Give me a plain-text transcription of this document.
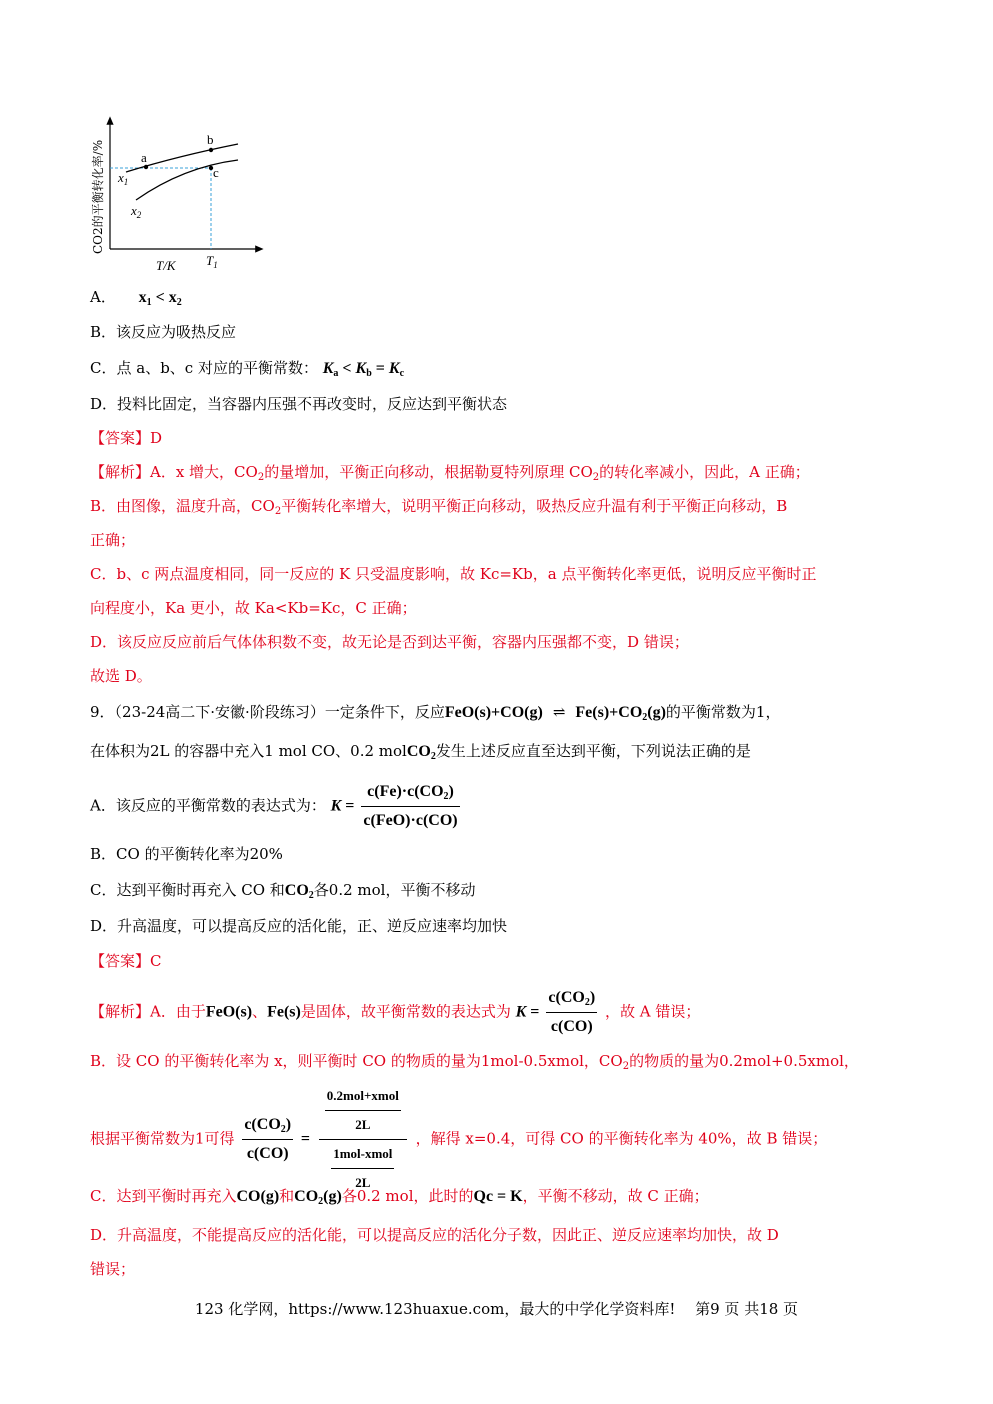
a
b
c
$x_1$
$x_2$
T/K $T_1$
CO2的平衡转化率/%
A． $x_1 < x_2$
B．该反应为吸热反应
C．点 a、b、c 对应的平衡常数： $K_a < K_b = K_c$
D．投料比固定，当容器内压强不再改变时，反应达到平衡状态
【答案】D
【解析】A．x 增大，$CO_2$的量增加，平衡正向移动，根据勒夏特列原理 $CO_2$的转化率减小，因此，A 正确；
B．由图像，温度升高，$CO_2$平衡转化率增大，说明平衡正向移动，吸热反应升温有利于平衡正向移动，B
正确；
C．b、c 两点温度相同，同一反应的 K 只受温度影响，故 Kc=Kb，a 点平衡转化率更低，说明反应平衡时正
向程度小，Ka 更小，故 Ka<Kb=Kc，C 正确；
D．该反应反应前后气体体积数不变，故无论是否到达平衡，容器内压强都不变，D 错误；
故选 D。
9．（23-24高二下·安徽·阶段练习）一定条件下，反应FeO(s)+CO(g) ⇌ $Fe(s)+CO_2(g)$的平衡常数为1，
在体积为2L 的容器中充入1 mol CO、0.2 molCO$_2$发生上述反应直至达到平衡，下列说法正确的是
A．该反应的平衡常数的表达式为： $K = \frac{c(Fe)\cdot c(CO_2)}{\text{c(FeO)·c(CO)}}$
B．CO 的平衡转化率为20%
C．达到平衡时再充入 CO 和$CO_2$各0.2 mol，平衡不移动
D．升高温度，可以提高反应的活化能，正、逆反应速率均加快
【答案】C
【解析】A．由于FeO(s)、Fe(s)是固体，故平衡常数的表达式为 $K = \frac{c(CO_2)}{c(CO)}$ ，故 A 错误；
B．设 CO 的平衡转化率为 x，则平衡时 CO 的物质的量为1mol-0.5xmol，$CO_2$的物质的量为0.2mol+0.5xmol，
根据平衡常数为1可得 $\frac{c(CO_2)}{c(CO)} = \frac{\frac{\text{0.2mol+xmol}}{2L}}{\frac{\text{1mol-xmol}}{2L}}$ ，解得 x=0.4，可得 CO 的平衡转化率为 40%，故 B 错误；
C．达到平衡时再充入CO(g)和$CO_2(g)$各0.2 mol，此时的Qc = K，平衡不移动，故 C 正确；
D．升高温度，不能提高反应的活化能，可以提高反应的活化分子数，因此正、逆反应速率均加快，故 D
错误；
123 化学网，https://www.123huaxue.com，最大的中学化学资料库!　 第9 页 共18 页
